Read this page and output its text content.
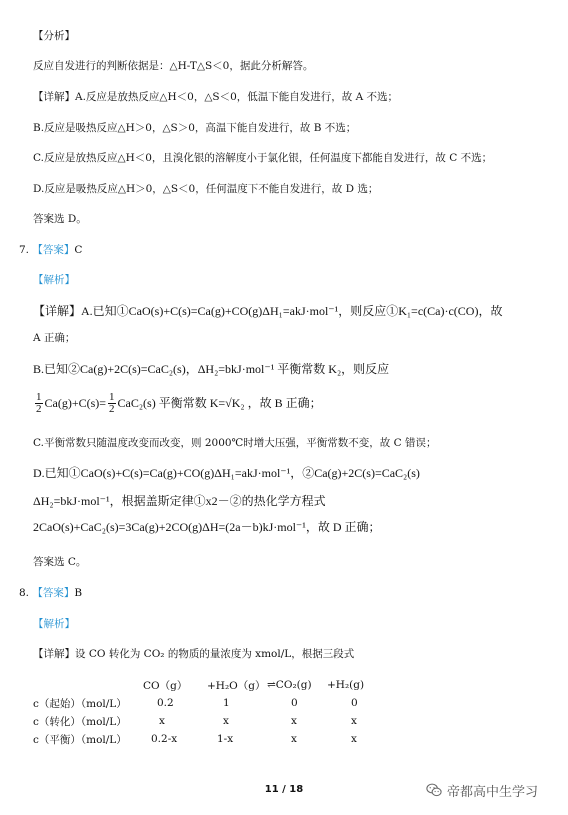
【分析】
反应自发进行的判断依据是：△H-T△S＜0，据此分析解答。
【详解】A.反应是放热反应△H＜0，△S＜0，低温下能自发进行，故 A 不选；
B.反应是吸热反应△H＞0，△S＞0，高温下能自发进行，故 B 不选；
C.反应是放热反应△H＜0，且溴化银的溶解度小于氯化银，任何温度下都能自发进行，故 C 不选；
D.反应是吸热反应△H＞0，△S＜0，任何温度下不能自发进行，故 D 选；
答案选 D。
7. 【答案】C
【解析】
【详解】A.已知①CaO(s)+C(s)=Ca(g)+CO(g)ΔH₁=akJ·mol⁻¹，则反应①K₁=c(Ca)·c(CO)，故
A 正确；
B.已知②Ca(g)+2C(s)=CaC₂(s)，ΔH₂=bkJ·mol⁻¹ 平衡常数 K₂，则反应
$\frac{1}{2} Ca(g)+C(s)= \frac{1}{2} CaC_2(s)$ 平衡常数 K=√K₂ ，故 B 正确；
C.平衡常数只随温度改变而改变，则 2000℃时增大压强，平衡常数不变，故 C 错误；
D.已知①CaO(s)+C(s)=Ca(g)+CO(g)ΔH₁=akJ·mol⁻¹，②Ca(g)+2C(s)=CaC₂(s)
ΔH₂=bkJ·mol⁻¹，根据盖斯定律①x2－②的热化学方程式
2CaO(s)+CaC₂(s)=3Ca(g)+2CO(g)ΔH=(2a－b)kJ·mol⁻¹，故 D 正确；
答案选 C。
8. 【答案】B
【解析】
【详解】设 CO 转化为 CO₂ 的物质的量浓度为 xmol/L，根据三段式
	CO（g）	+H₂O（g）	⇌CO₂(g)	+H₂(g)
c（起始）（mol/L）	0.2	1	0	0
c（转化）（mol/L）	x	x	x	x
c（平衡）（mol/L）	0.2-x	1-x	x	x
11 / 18	帝都高中生学习
